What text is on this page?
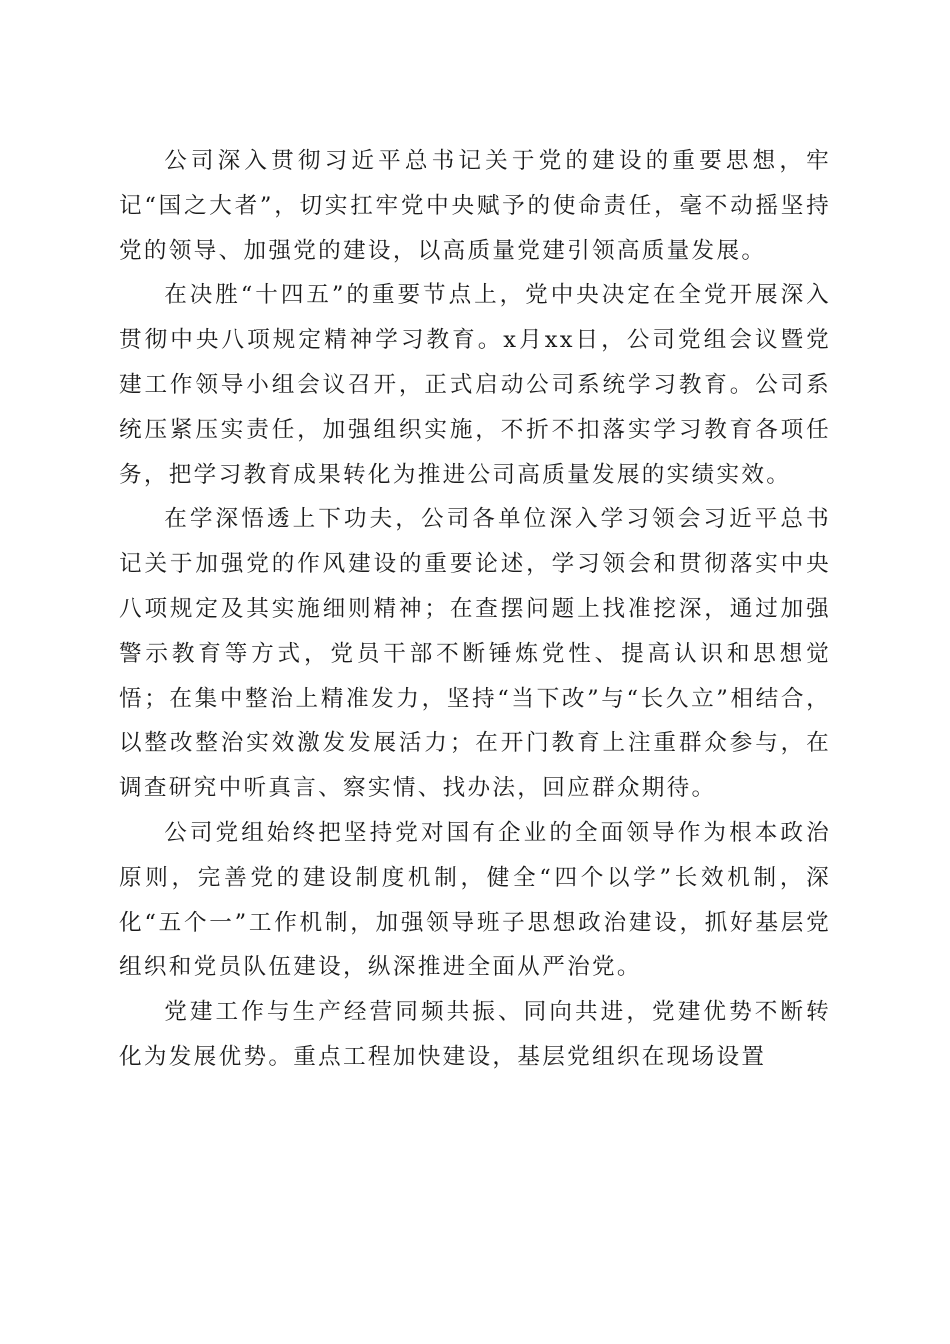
公司深入贯彻习近平总书记关于党的建设的重要思想，牢记“国之大者”，切实扛牢党中央赋予的使命责任，毫不动摇坚持党的领导、加强党的建设，以高质量党建引领高质量发展。

在决胜“十四五”的重要节点上，党中央决定在全党开展深入贯彻中央八项规定精神学习教育。x月xx日，公司党组会议暨党建工作领导小组会议召开，正式启动公司系统学习教育。公司系统压紧压实责任，加强组织实施，不折不扣落实学习教育各项任务，把学习教育成果转化为推进公司高质量发展的实绩实效。

在学深悟透上下功夫，公司各单位深入学习领会习近平总书记关于加强党的作风建设的重要论述，学习领会和贯彻落实中央八项规定及其实施细则精神；在查摆问题上找准挖深，通过加强警示教育等方式，党员干部不断锤炼党性、提高认识和思想觉悟；在集中整治上精准发力，坚持“当下改”与“长久立”相结合，以整改整治实效激发发展活力；在开门教育上注重群众参与，在调查研究中听真言、察实情、找办法，回应群众期待。

公司党组始终把坚持党对国有企业的全面领导作为根本政治原则，完善党的建设制度机制，健全“四个以学”长效机制，深化“五个一”工作机制，加强领导班子思想政治建设，抓好基层党组织和党员队伍建设，纵深推进全面从严治党。

党建工作与生产经营同频共振、同向共进，党建优势不断转化为发展优势。重点工程加快建设，基层党组织在现场设置
